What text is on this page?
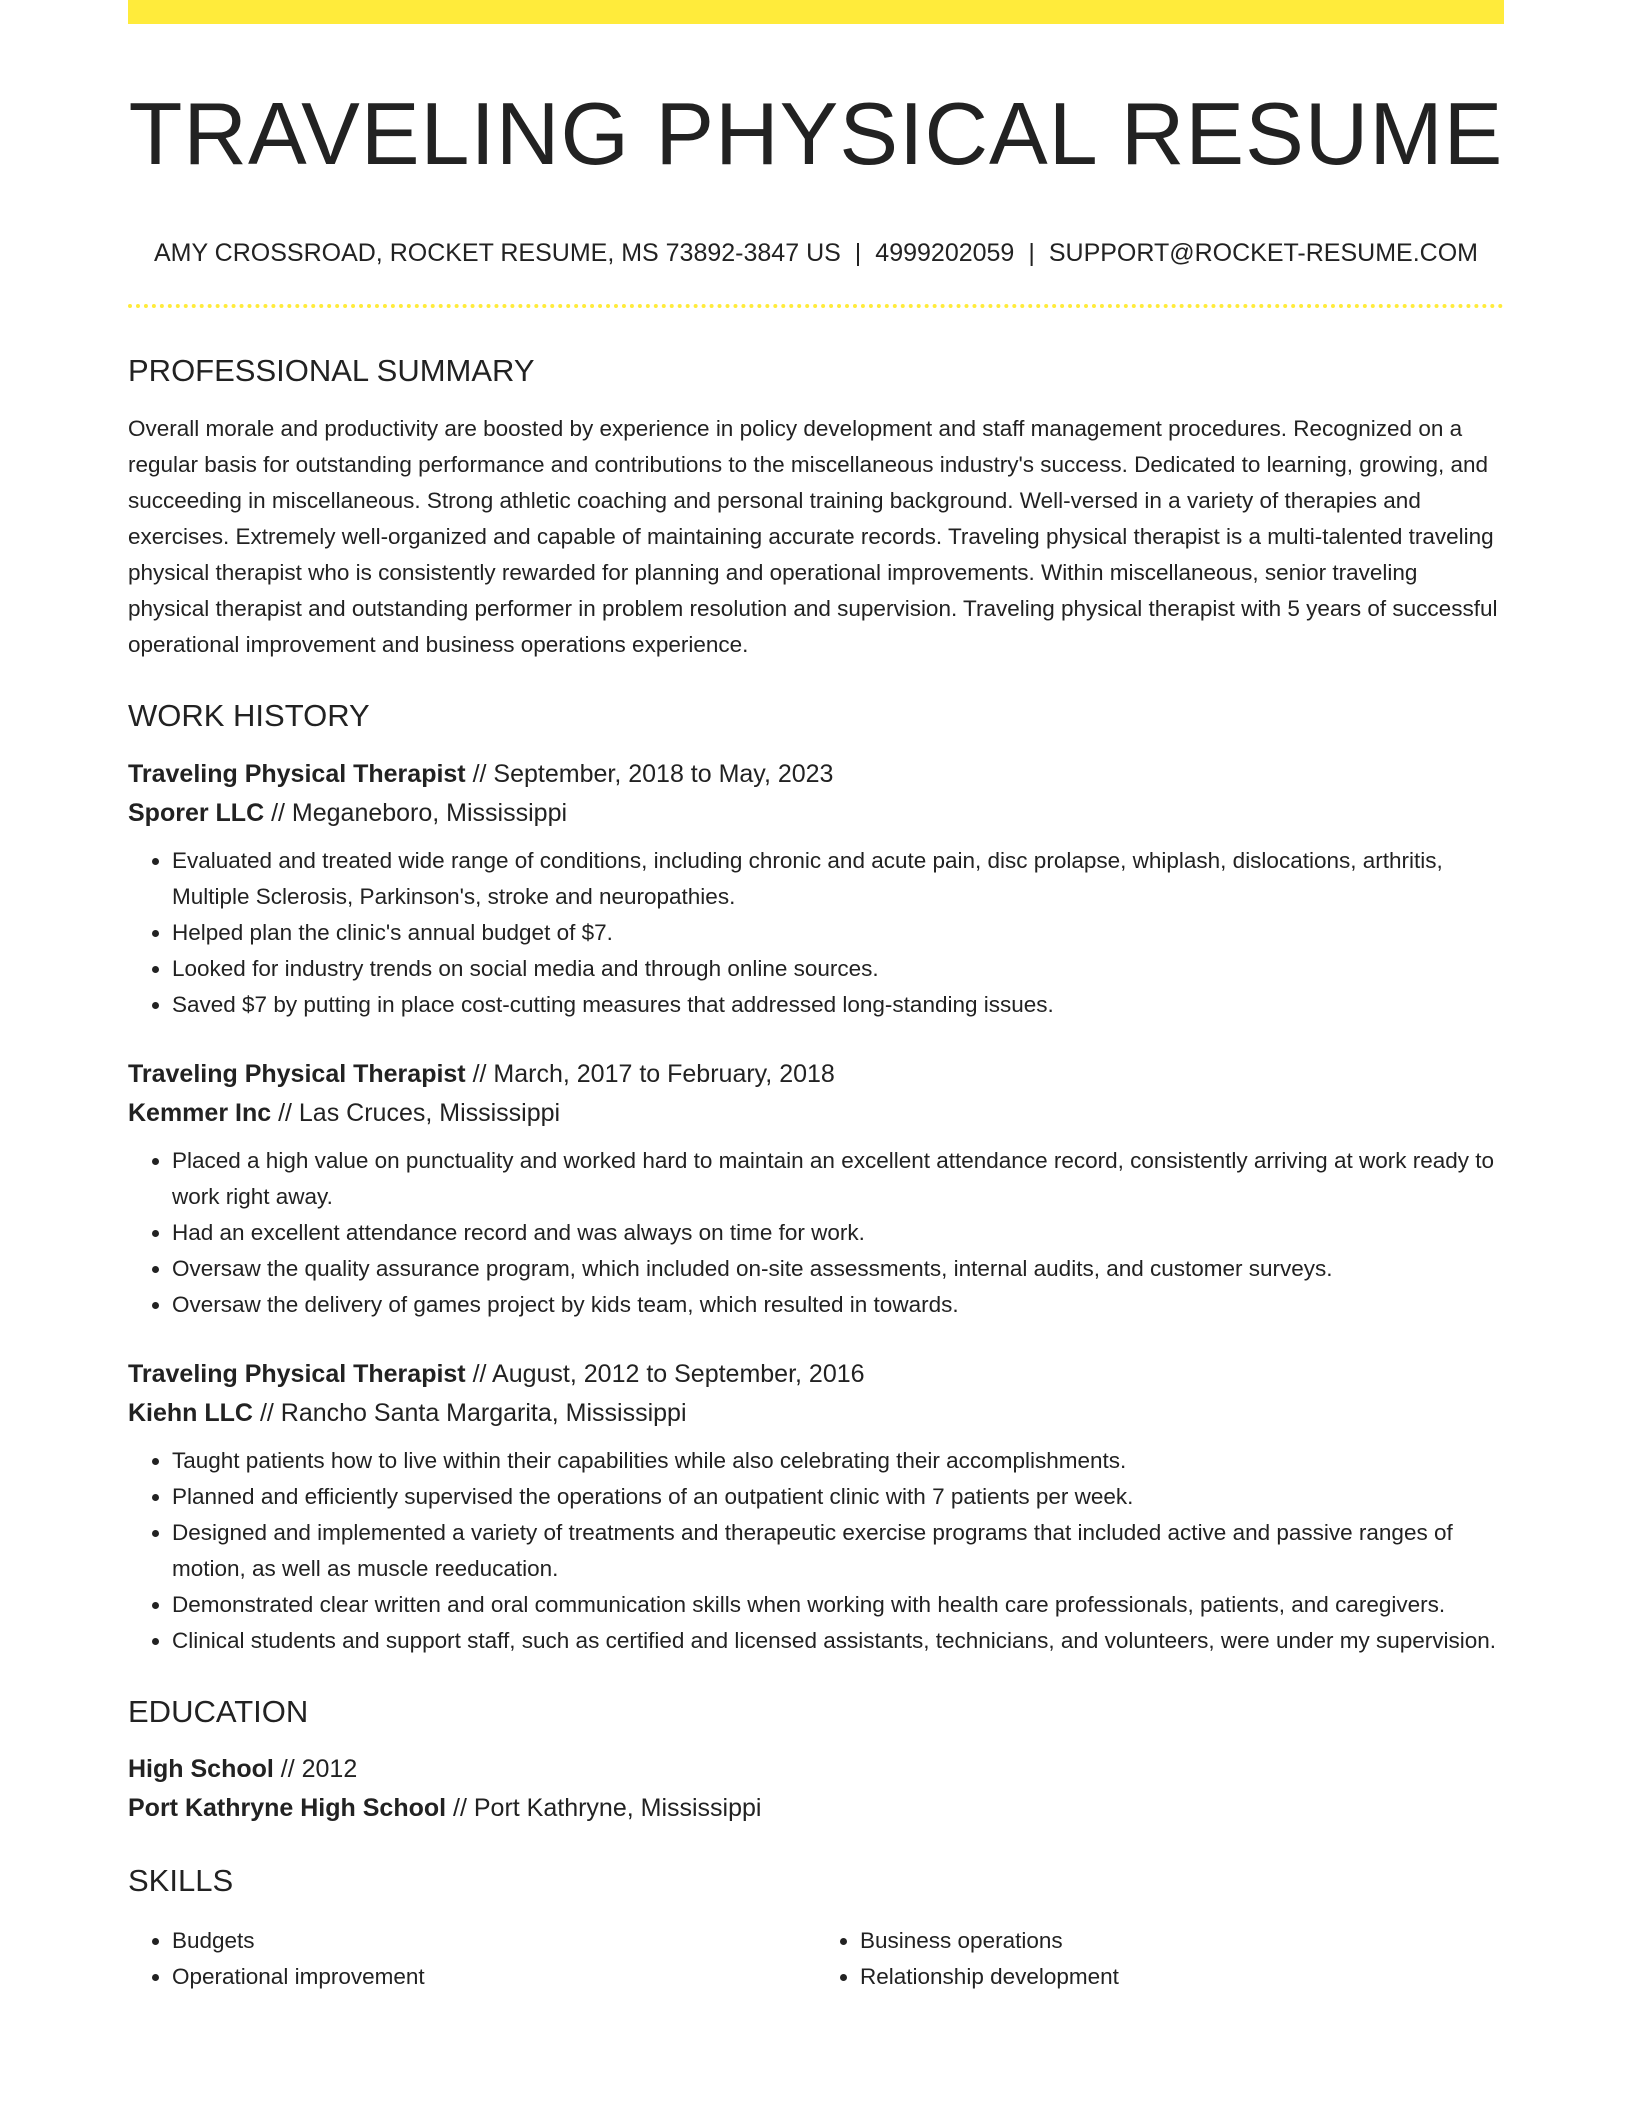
TRAVELING PHYSICAL RESUME
AMY CROSSROAD, ROCKET RESUME, MS 73892-3847 US | 4999202059 | SUPPORT@ROCKET-RESUME.COM
PROFESSIONAL SUMMARY

Overall morale and productivity are boosted by experience in policy development and staff management procedures. Recognized on a regular basis for outstanding performance and contributions to the miscellaneous industry's success. Dedicated to learning, growing, and succeeding in miscellaneous. Strong athletic coaching and personal training background. Well-versed in a variety of therapies and exercises. Extremely well-organized and capable of maintaining accurate records. Traveling physical therapist is a multi-talented traveling physical therapist who is consistently rewarded for planning and operational improvements. Within miscellaneous, senior traveling physical therapist and outstanding performer in problem resolution and supervision. Traveling physical therapist with 5 years of successful operational improvement and business operations experience.

WORK HISTORY
Traveling Physical Therapist // September, 2018 to May, 2023
Sporer LLC // Meganeboro, Mississippi
• Evaluated and treated wide range of conditions, including chronic and acute pain, disc prolapse, whiplash, dislocations, arthritis, Multiple Sclerosis, Parkinson's, stroke and neuropathies.
• Helped plan the clinic's annual budget of $7.
• Looked for industry trends on social media and through online sources.
• Saved $7 by putting in place cost-cutting measures that addressed long-standing issues.
Traveling Physical Therapist // March, 2017 to February, 2018
Kemmer Inc // Las Cruces, Mississippi
• Placed a high value on punctuality and worked hard to maintain an excellent attendance record, consistently arriving at work ready to work right away.
• Had an excellent attendance record and was always on time for work.
• Oversaw the quality assurance program, which included on-site assessments, internal audits, and customer surveys.
• Oversaw the delivery of games project by kids team, which resulted in towards.
Traveling Physical Therapist // August, 2012 to September, 2016
Kiehn LLC // Rancho Santa Margarita, Mississippi
• Taught patients how to live within their capabilities while also celebrating their accomplishments.
• Planned and efficiently supervised the operations of an outpatient clinic with 7 patients per week.
• Designed and implemented a variety of treatments and therapeutic exercise programs that included active and passive ranges of motion, as well as muscle reeducation.
• Demonstrated clear written and oral communication skills when working with health care professionals, patients, and caregivers.
• Clinical students and support staff, such as certified and licensed assistants, technicians, and volunteers, were under my supervision.
EDUCATION
High School // 2012
Port Kathryne High School // Port Kathryne, Mississippi
SKILLS
• Budgets
• Operational improvement
• Business operations
• Relationship development
